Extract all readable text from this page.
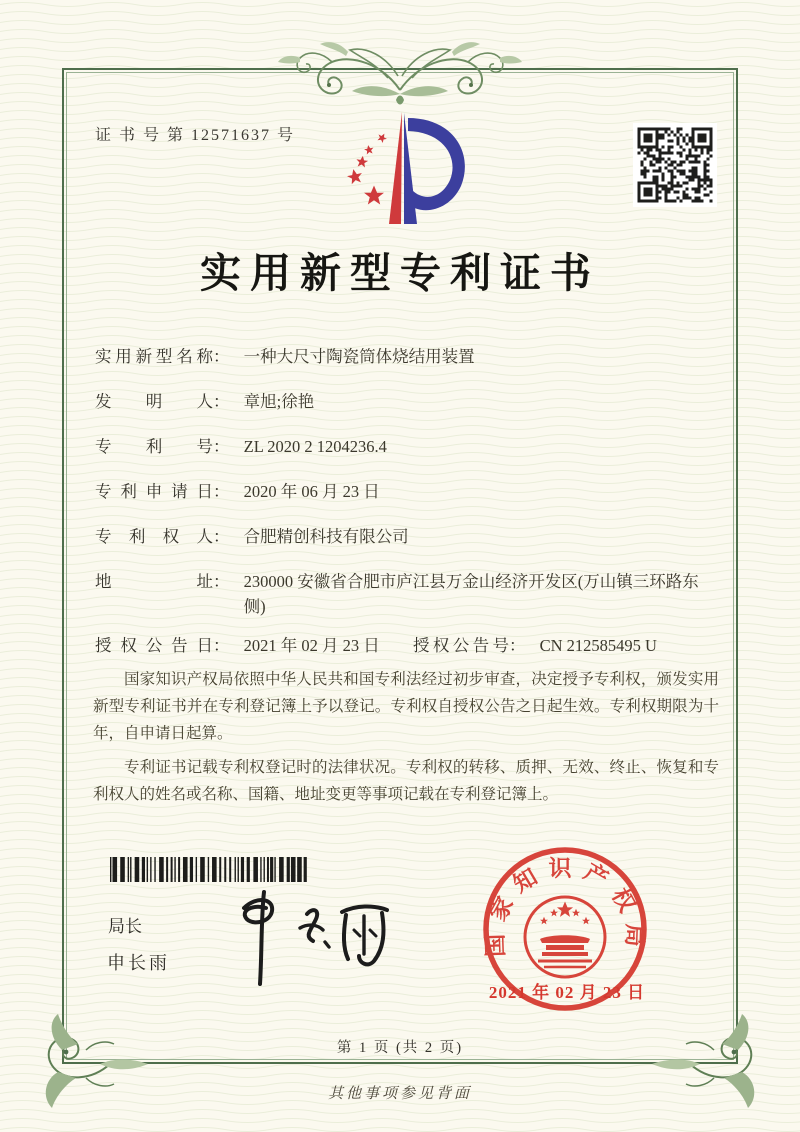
证 书 号 第 12571637 号
实用新型专利证书
实用新型名称： 一种大尺寸陶瓷筒体烧结用装置
发明人： 章旭;徐艳
专利号： ZL 2020 2 1204236.4
专利申请日： 2020 年 06 月 23 日
专利权人： 合肥精创科技有限公司
地址： 230000 安徽省合肥市庐江县万金山经济开发区(万山镇三环路东侧)
授权公告日： 2021 年 02 月 23 日 授权公告号： CN 212585495 U

国家知识产权局依照中华人民共和国专利法经过初步审查，决定授予专利权，颁发实用新型专利证书并在专利登记簿上予以登记。专利权自授权公告之日起生效。专利权期限为十年，自申请日起算。

专利证书记载专利权登记时的法律状况。专利权的转移、质押、无效、终止、恢复和专利权人的姓名或名称、国籍、地址变更等事项记载在专利登记簿上。

局长
申长雨
国家知识产权局
2021 年 02 月 23 日
第 1 页 (共 2 页)
其他事项参见背面
